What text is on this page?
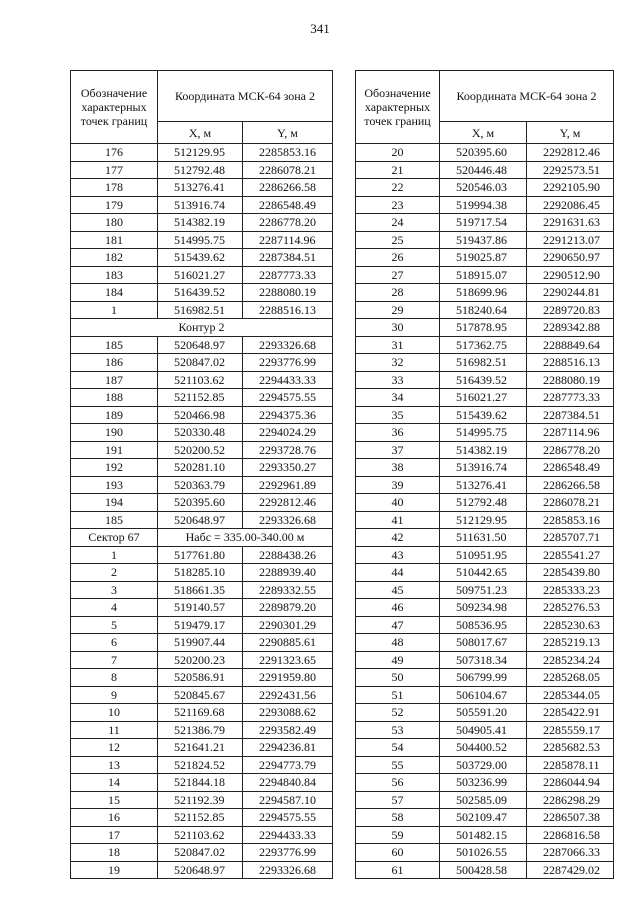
341
Обозначение характерных точек границ	Координата МСК-64 зона 2	
	Х, м	Y, м
176	512129.95	2285853.16
177	512792.48	2286078.21
178	513276.41	2286266.58
179	513916.74	2286548.49
180	514382.19	2286778.20
181	514995.75	2287114.96
182	515439.62	2287384.51
183	516021.27	2287773.33
184	516439.52	2288080.19
1	516982.51	2288516.13
Контур 2		
185	520648.97	2293326.68
186	520847.02	2293776.99
187	521103.62	2294433.33
188	521152.85	2294575.55
189	520466.98	2294375.36
190	520330.48	2294024.29
191	520200.52	2293728.76
192	520281.10	2293350.27
193	520363.79	2292961.89
194	520395.60	2292812.46
185	520648.97	2293326.68
Сектор 67	Набс = 335.00-340.00 м	
1	517761.80	2288438.26
2	518285.10	2288939.40
3	518661.35	2289332.55
4	519140.57	2289879.20
5	519479.17	2290301.29
6	519907.44	2290885.61
7	520200.23	2291323.65
8	520586.91	2291959.80
9	520845.67	2292431.56
10	521169.68	2293088.62
11	521386.79	2293582.49
12	521641.21	2294236.81
13	521824.52	2294773.79
14	521844.18	2294840.84
15	521192.39	2294587.10
16	521152.85	2294575.55
17	521103.62	2294433.33
18	520847.02	2293776.99
19	520648.97	2293326.68
Обозначение характерных точек границ	Координата МСК-64 зона 2	
	Х, м	Y, м
20	520395.60	2292812.46
21	520446.48	2292573.51
22	520546.03	2292105.90
23	519994.38	2292086.45
24	519717.54	2291631.63
25	519437.86	2291213.07
26	519025.87	2290650.97
27	518915.07	2290512.90
28	518699.96	2290244.81
29	518240.64	2289720.83
30	517878.95	2289342.88
31	517362.75	2288849.64
32	516982.51	2288516.13
33	516439.52	2288080.19
34	516021.27	2287773.33
35	515439.62	2287384.51
36	514995.75	2287114.96
37	514382.19	2286778.20
38	513916.74	2286548.49
39	513276.41	2286266.58
40	512792.48	2286078.21
41	512129.95	2285853.16
42	511631.50	2285707.71
43	510951.95	2285541.27
44	510442.65	2285439.80
45	509751.23	2285333.23
46	509234.98	2285276.53
47	508536.95	2285230.63
48	508017.67	2285219.13
49	507318.34	2285234.24
50	506799.99	2285268.05
51	506104.67	2285344.05
52	505591.20	2285422.91
53	504905.41	2285559.17
54	504400.52	2285682.53
55	503729.00	2285878.11
56	503236.99	2286044.94
57	502585.09	2286298.29
58	502109.47	2286507.38
59	501482.15	2286816.58
60	501026.55	2287066.33
61	500428.58	2287429.02
